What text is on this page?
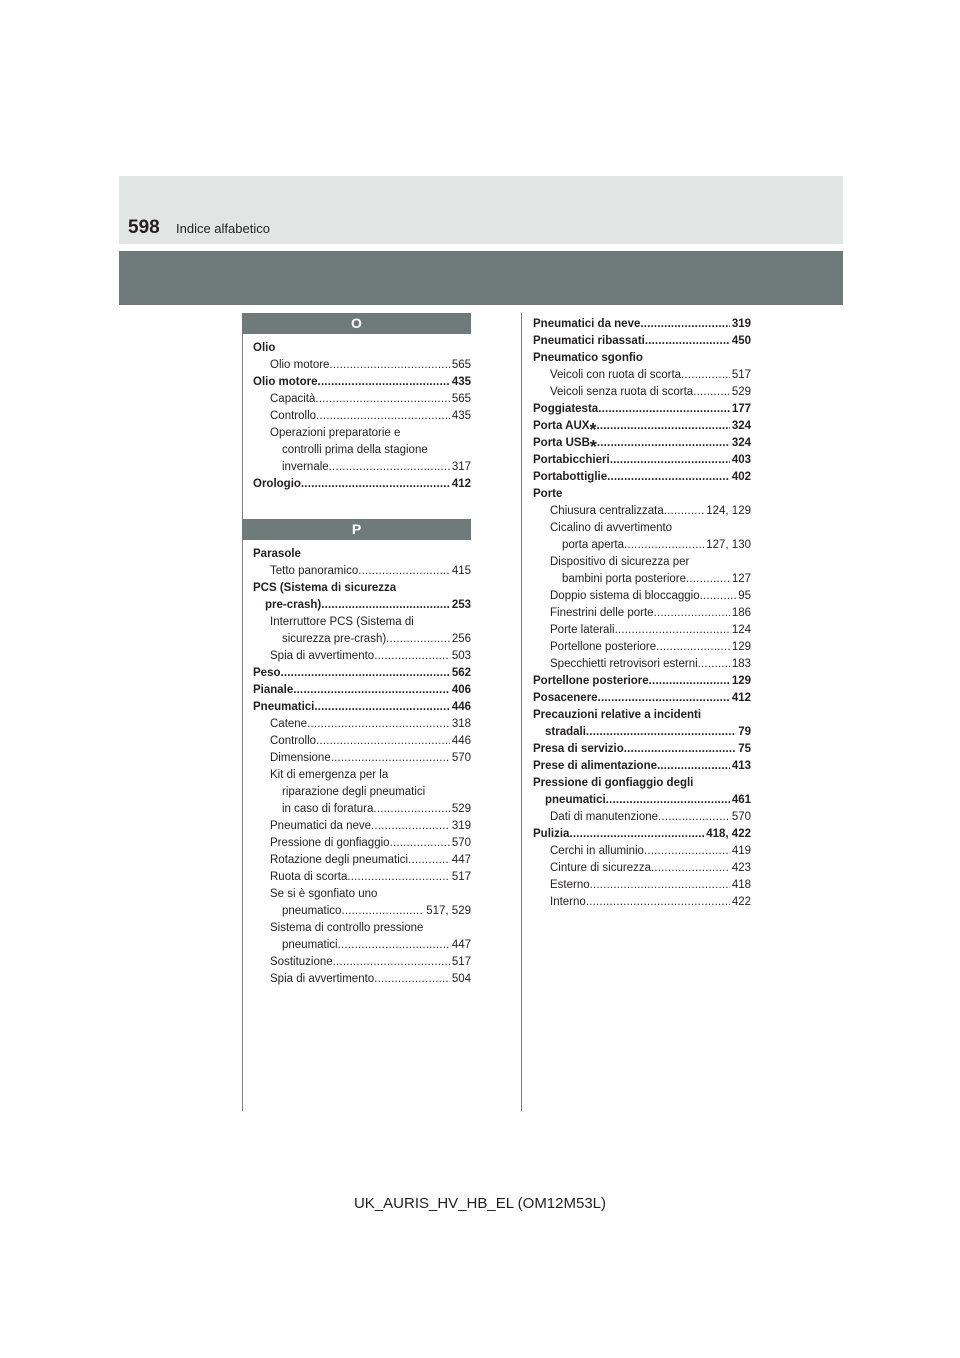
598 Indice alfabetico
O
Olio
Olio motore . . .	565
Olio motore . . .	435
Capacità . . .	565
Controllo . . .	435
Operazioni preparatorie e
controlli prima della stagione
invernale . . .	317
Orologio . . .	412
P
Parasole
Tetto panoramico . . .	415
PCS (Sistema di sicurezza
pre-crash) . . .	253
Interruttore PCS (Sistema di
sicurezza pre-crash) . . .	256
Spia di avvertimento . . .	503
Peso . . .	562
Pianale . . .	406
Pneumatici . . .	446
Catene . . .	318
Controllo . . .	446
Dimensione . . .	570
Kit di emergenza per la
riparazione degli pneumatici
in caso di foratura . . .	529
Pneumatici da neve . . .	319
Pressione di gonfiaggio . . .	570
Rotazione degli pneumatici . . .	447
Ruota di scorta . . .	517
Se si è sgonfiato uno
pneumatico . . .	517, 529
Sistema di controllo pressione
pneumatici . . .	447
Sostituzione . . .	517
Spia di avvertimento . . .	504
Pneumatici da neve . . .	319
Pneumatici ribassati . . .	450
Pneumatico sgonfio
Veicoli con ruota di scorta . . .	517
Veicoli senza ruota di scorta . . .	529
Poggiatesta . . .	177
Porta AUX * . . .	324
Porta USB * . . .	324
Portabicchieri . . .	403
Portabottiglie . . .	402
Porte
Chiusura centralizzata . . .	124, 129
Cicalino di avvertimento
porta aperta . . .	127, 130
Dispositivo di sicurezza per
bambini porta posteriore . . .	127
Doppio sistema di bloccaggio . . .	95
Finestrini delle porte . . .	186
Porte laterali . . .	124
Portellone posteriore . . .	129
Specchietti retrovisori esterni . . .	183
Portellone posteriore . . .	129
Posacenere . . .	412
Precauzioni relative a incidenti
stradali . . .	79
Presa di servizio . . .	75
Prese di alimentazione . . .	413
Pressione di gonfiaggio degli
pneumatici . . .	461
Dati di manutenzione . . .	570
Pulizia . . .	418, 422
Cerchi in alluminio . . .	419
Cinture di sicurezza . . .	423
Esterno . . .	418
Interno . . .	422
UK_AURIS_HV_HB_EL (OM12M53L)
